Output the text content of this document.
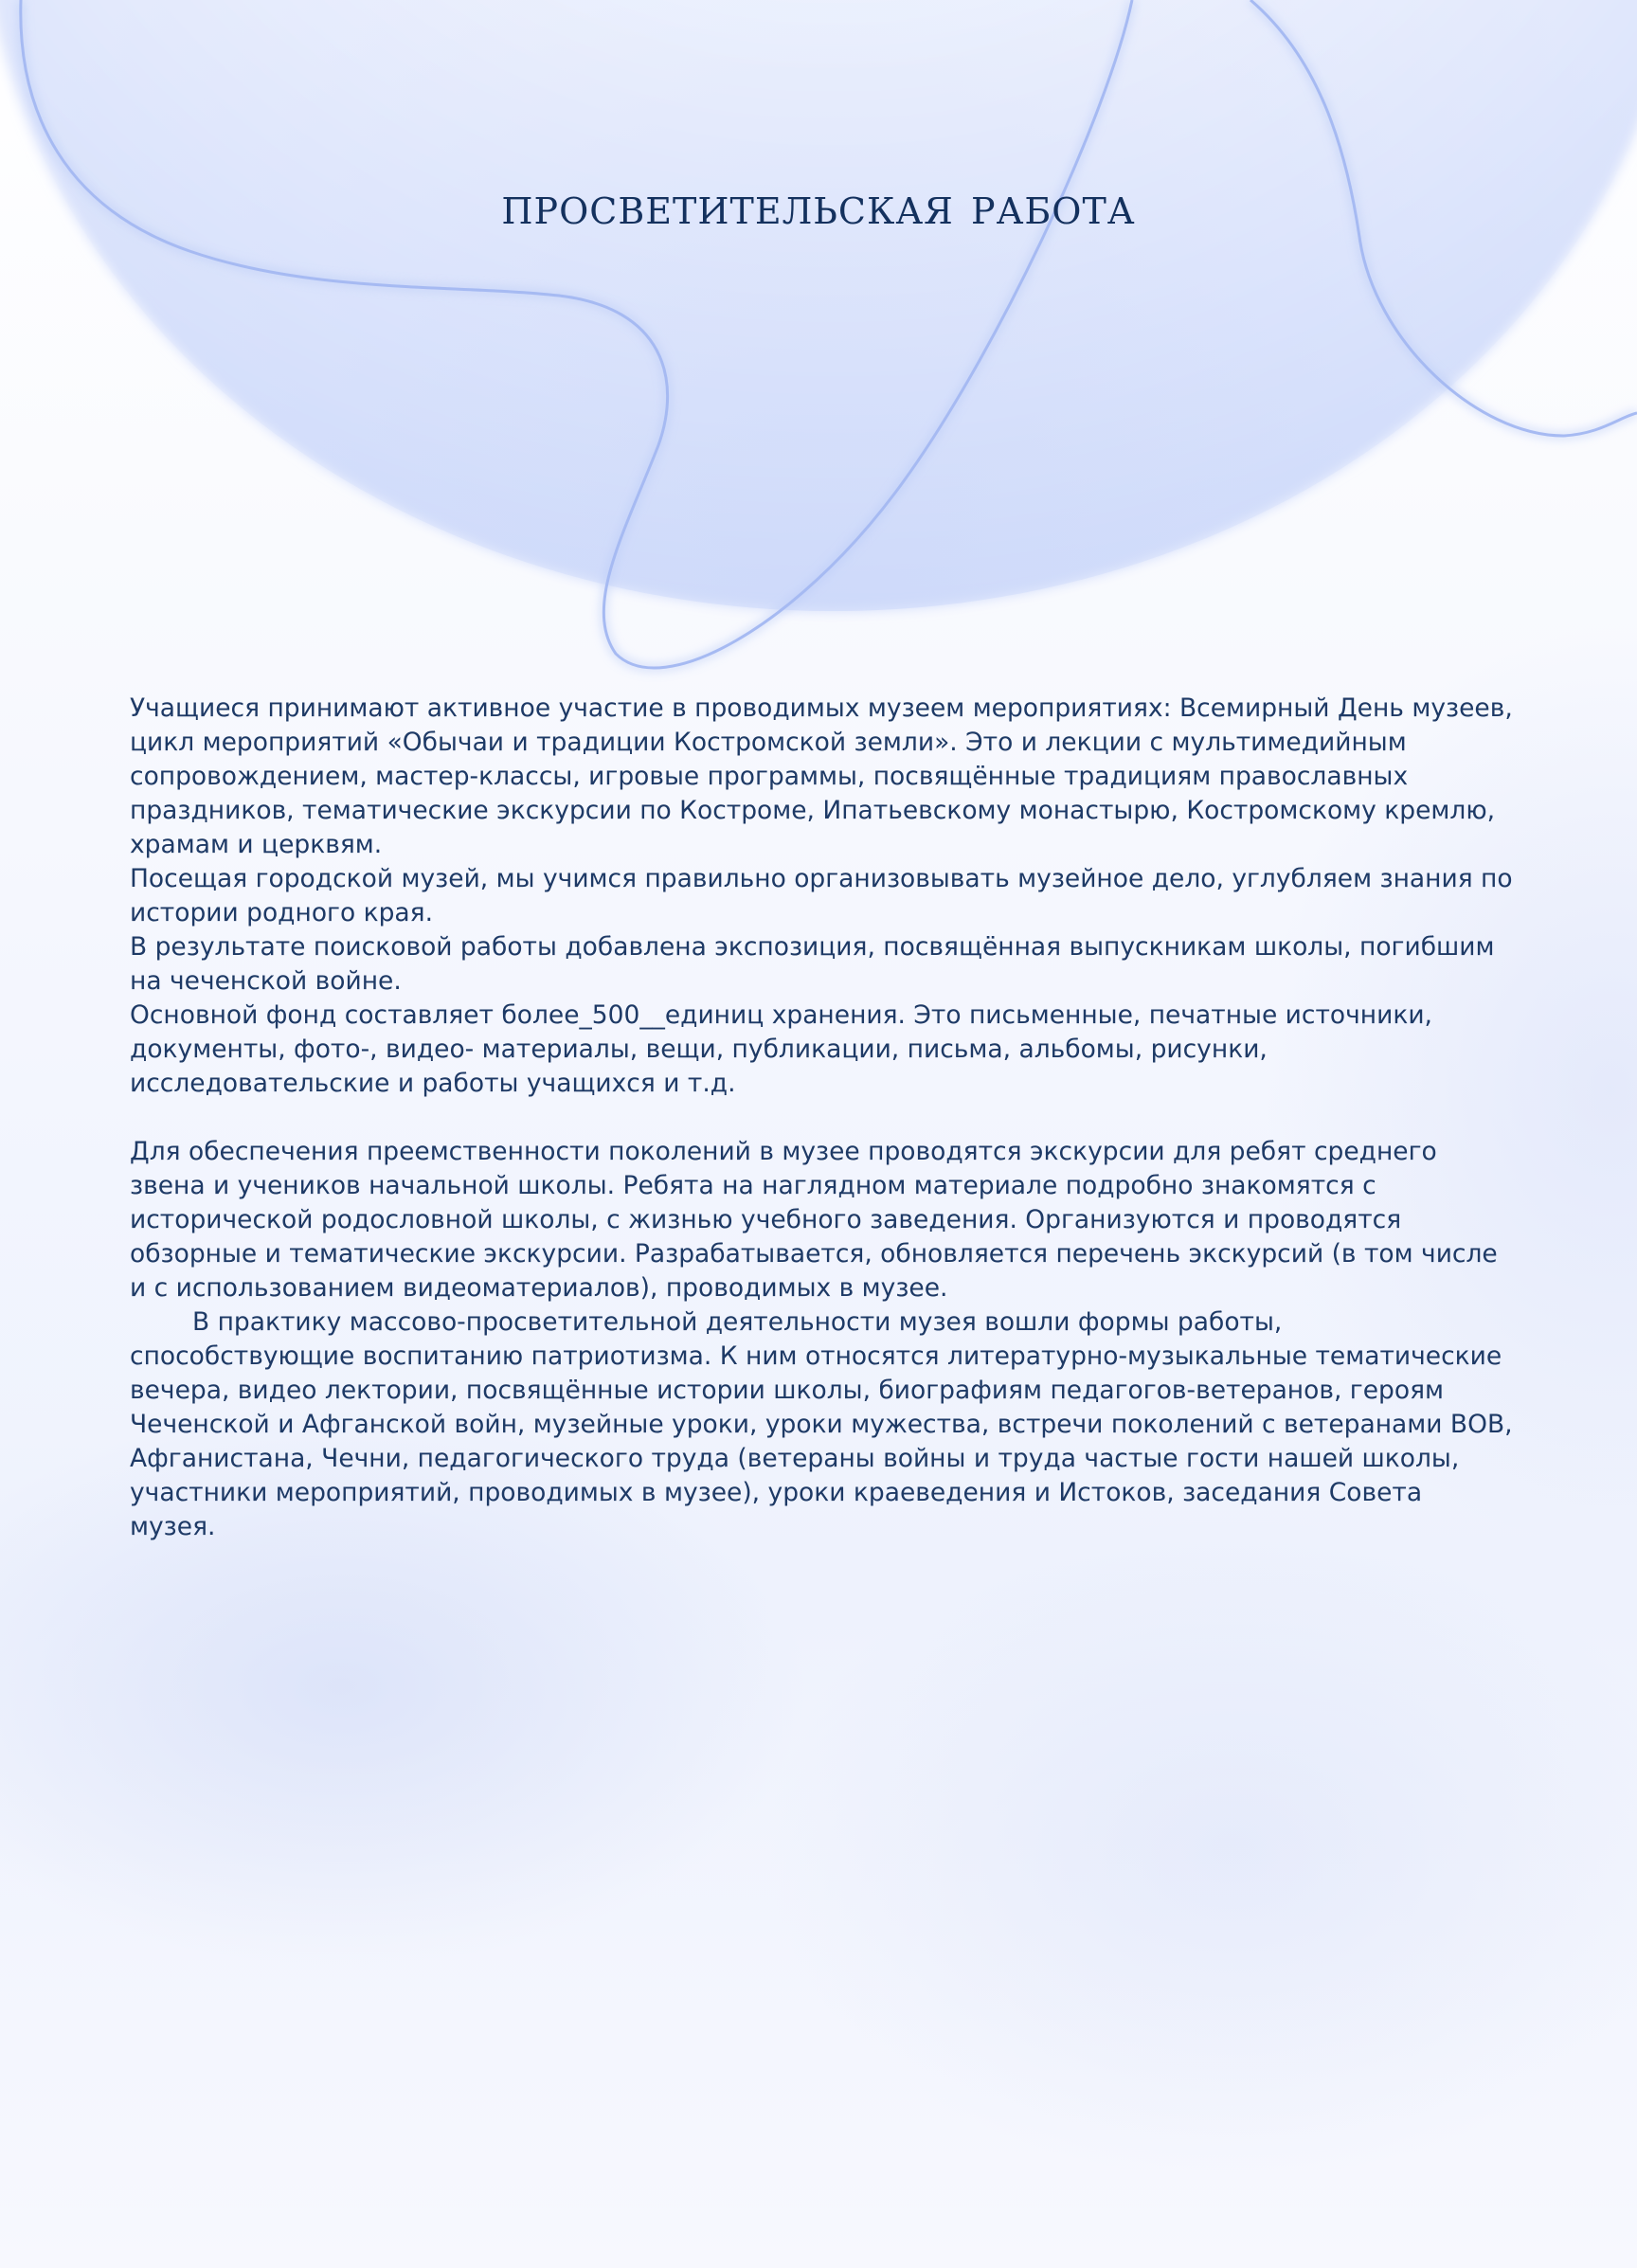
просветительская работа

Учащиеся принимают активное участие в проводимых музеем мероприятиях: Всемирный День музеев, цикл мероприятий «Обычаи и традиции Костромской земли». Это и лекции с мультимедийным сопровождением, мастер-классы, игровые программы, посвящённые традициям православных праздников, тематические экскурсии по Костроме, Ипатьевскому монастырю, Костромскому кремлю, храмам и церквям.

Посещая городской музей, мы учимся правильно организовывать музейное дело, углубляем знания по истории родного края.

В результате поисковой работы добавлена экспозиция, посвящённая выпускникам школы, погибшим на чеченской войне.

Основной фонд составляет более_500__единиц хранения. Это письменные, печатные источники, документы, фото-, видео- материалы, вещи, публикации, письма, альбомы, рисунки, исследовательские и работы учащихся и т.д.

Для обеспечения преемственности поколений в музее проводятся экскурсии для ребят среднего звена и учеников начальной школы. Ребята на наглядном материале подробно знакомятся с исторической родословной школы, с жизнью учебного заведения. Организуются и проводятся обзорные и тематические экскурсии. Разрабатывается, обновляется перечень экскурсий (в том числе и с использованием видеоматериалов), проводимых в музее.

В практику массово-просветительной деятельности музея вошли формы работы, способствующие воспитанию патриотизма. К ним относятся литературно-музыкальные тематические вечера, видео лектории, посвящённые истории школы, биографиям педагогов-ветеранов, героям Чеченской и Афганской войн, музейные уроки, уроки мужества, встречи поколений с ветеранами ВОВ, Афганистана, Чечни, педагогического труда (ветераны войны и труда частые гости нашей школы, участники мероприятий, проводимых в музее), уроки краеведения и Истоков, заседания Совета музея.
